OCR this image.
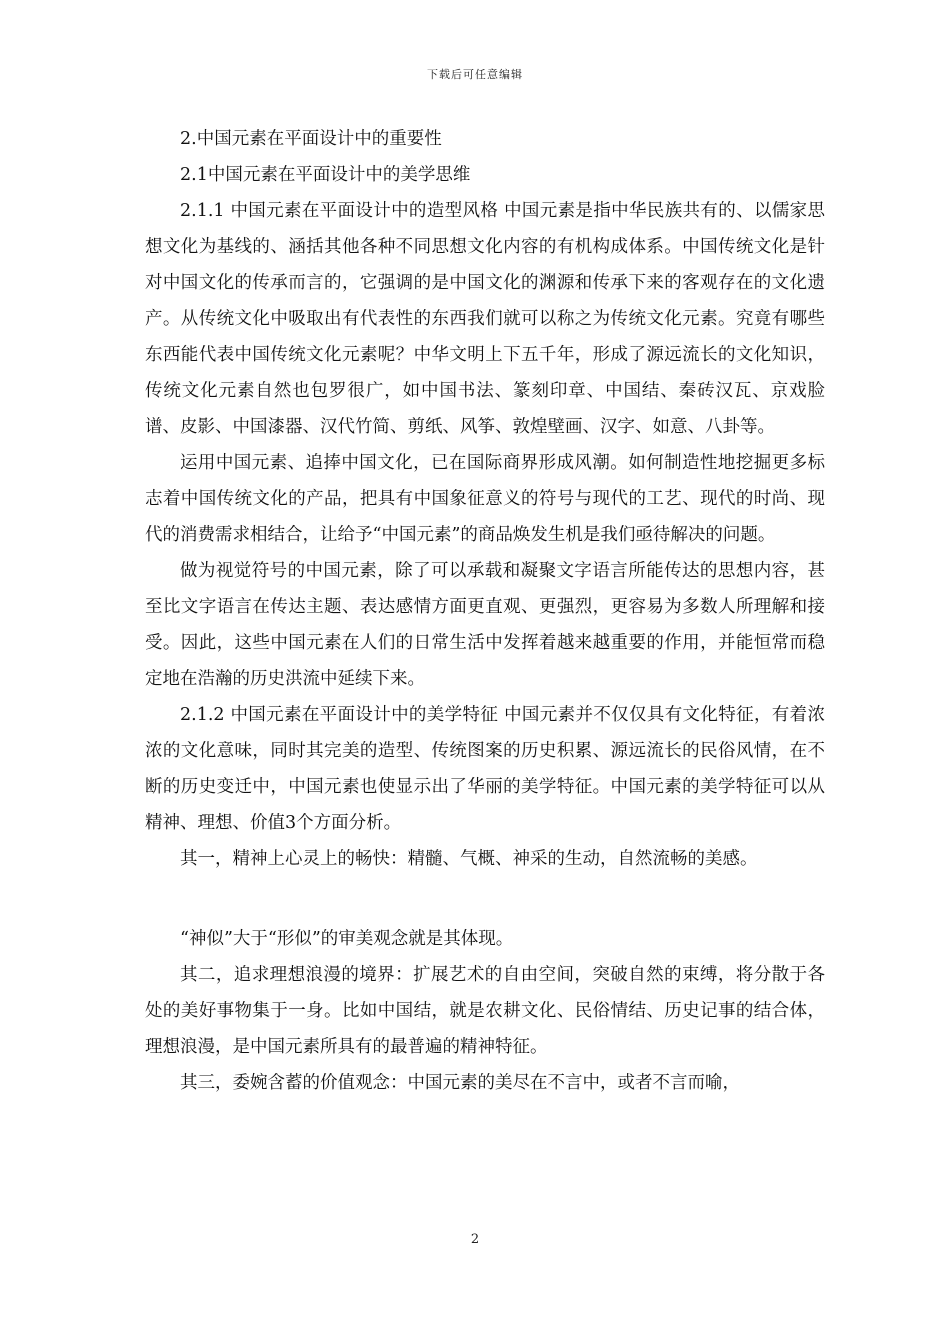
下载后可任意编辑

2.中国元素在平面设计中的重要性

2.1中国元素在平面设计中的美学思维

2.1.1 中国元素在平面设计中的造型风格 中国元素是指中华民族共有的、以儒家思想文化为基线的、涵括其他各种不同思想文化内容的有机构成体系。中国传统文化是针对中国文化的传承而言的，它强调的是中国文化的渊源和传承下来的客观存在的文化遗产。从传统文化中吸取出有代表性的东西我们就可以称之为传统文化元素。究竟有哪些东西能代表中国传统文化元素呢？中华文明上下五千年，形成了源远流长的文化知识，传统文化元素自然也包罗很广，如中国书法、篆刻印章、中国结、秦砖汉瓦、京戏脸谱、皮影、中国漆器、汉代竹简、剪纸、风筝、敦煌壁画、汉字、如意、八卦等。

运用中国元素、追捧中国文化，已在国际商界形成风潮。如何制造性地挖掘更多标志着中国传统文化的产品，把具有中国象征意义的符号与现代的工艺、现代的时尚、现代的消费需求相结合，让给予“中国元素”的商品焕发生机是我们亟待解决的问题。

做为视觉符号的中国元素，除了可以承载和凝聚文字语言所能传达的思想内容，甚至比文字语言在传达主题、表达感情方面更直观、更强烈，更容易为多数人所理解和接受。因此，这些中国元素在人们的日常生活中发挥着越来越重要的作用，并能恒常而稳定地在浩瀚的历史洪流中延续下来。

2.1.2 中国元素在平面设计中的美学特征 中国元素并不仅仅具有文化特征，有着浓浓的文化意味，同时其完美的造型、传统图案的历史积累、源远流长的民俗风情，在不断的历史变迁中，中国元素也使显示出了华丽的美学特征。中国元素的美学特征可以从精神、理想、价值3个方面分析。

其一，精神上心灵上的畅快：精髓、气概、神采的生动，自然流畅的美感。

“神似”大于“形似”的审美观念就是其体现。

其二，追求理想浪漫的境界：扩展艺术的自由空间，突破自然的束缚，将分散于各处的美好事物集于一身。比如中国结，就是农耕文化、民俗情结、历史记事的结合体，理想浪漫，是中国元素所具有的最普遍的精神特征。

其三，委婉含蓄的价值观念：中国元素的美尽在不言中，或者不言而喻，

2
